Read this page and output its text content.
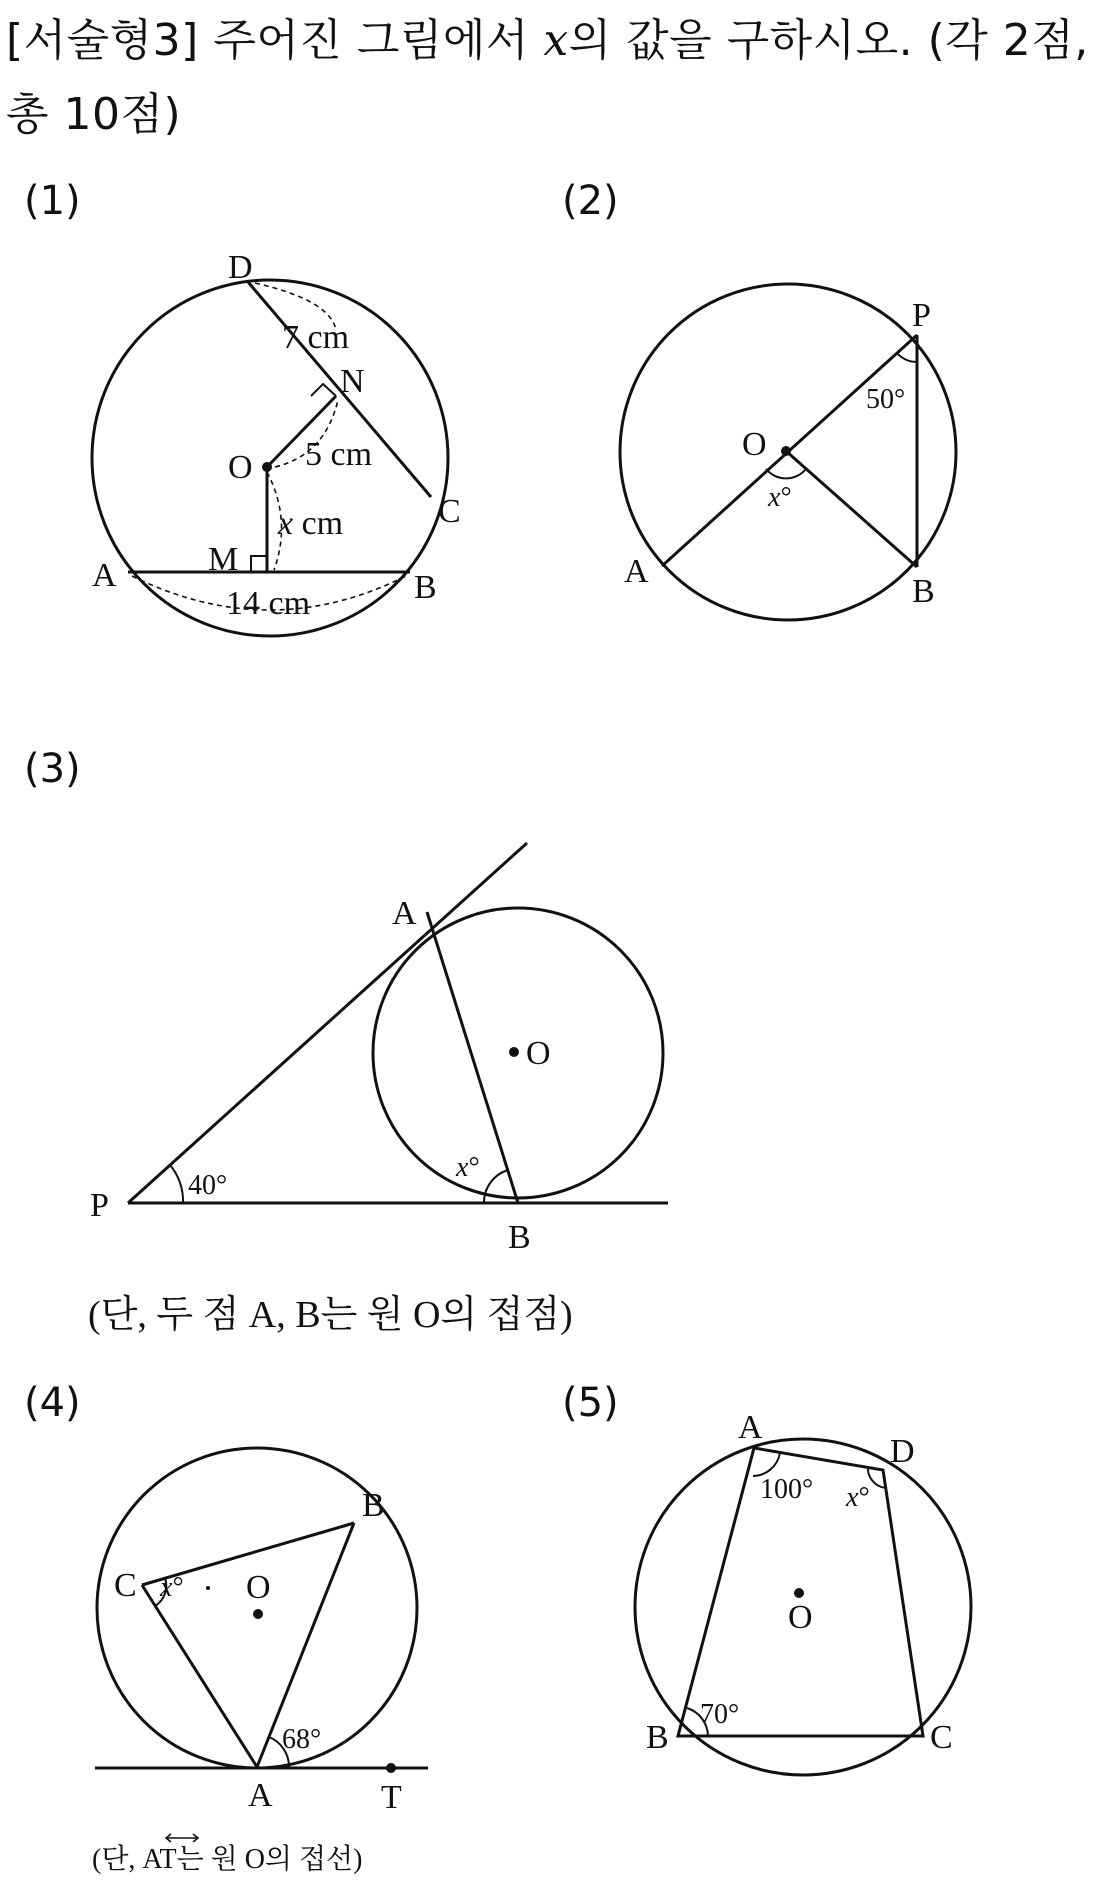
[서술형3] 주어진 그림에서 x의 값을 구하시오. (각 2점, 총 10점)
(1)	(2)
(3)
(4)	(5)
D
N
O
C
M
A	B
7 cm
5 cm
x cm
14 cm
P
O
A
B
50°
x°
A
O
P
B
40°
x°
(단, 두 점 A, B는 원 O의 접점)
B
C	O
A	T
x°
68°
(단, AT는 원 O의 접선)
A
D
O
B	C
100° x°
70°
